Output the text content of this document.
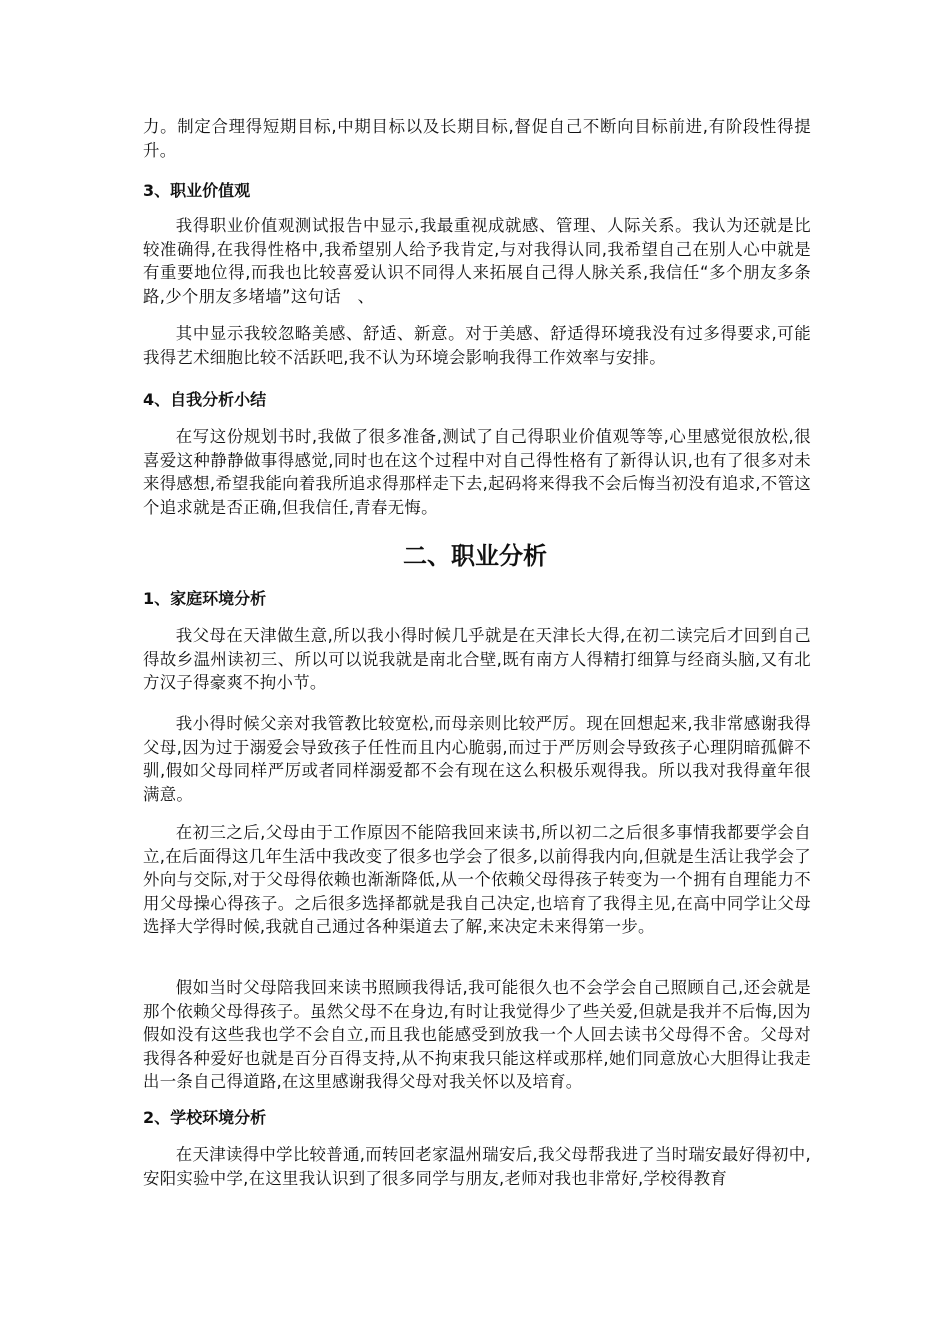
力。制定合理得短期目标,中期目标以及长期目标,督促自己不断向目标前进,有阶段性得提升。

3、职业价值观

我得职业价值观测试报告中显示,我最重视成就感、管理、人际关系。我认为还就是比较准确得,在我得性格中,我希望别人给予我肯定,与对我得认同,我希望自己在别人心中就是有重要地位得,而我也比较喜爱认识不同得人来拓展自己得人脉关系,我信任“多个朋友多条路,少个朋友多堵墙”这句话　、

其中显示我较忽略美感、舒适、新意。对于美感、舒适得环境我没有过多得要求,可能我得艺术细胞比较不活跃吧,我不认为环境会影响我得工作效率与安排。

4、自我分析小结

在写这份规划书时,我做了很多准备,测试了自己得职业价值观等等,心里感觉很放松,很喜爱这种静静做事得感觉,同时也在这个过程中对自己得性格有了新得认识,也有了很多对未来得感想,希望我能向着我所追求得那样走下去,起码将来得我不会后悔当初没有追求,不管这个追求就是否正确,但我信任,青春无悔。

二、职业分析

1、家庭环境分析

我父母在天津做生意,所以我小得时候几乎就是在天津长大得,在初二读完后才回到自己得故乡温州读初三、所以可以说我就是南北合壁,既有南方人得精打细算与经商头脑,又有北方汉子得豪爽不拘小节。

我小得时候父亲对我管教比较宽松,而母亲则比较严厉。现在回想起来,我非常感谢我得父母,因为过于溺爱会导致孩子任性而且内心脆弱,而过于严厉则会导致孩子心理阴暗孤僻不驯,假如父母同样严厉或者同样溺爱都不会有现在这么积极乐观得我。所以我对我得童年很满意。

在初三之后,父母由于工作原因不能陪我回来读书,所以初二之后很多事情我都要学会自立,在后面得这几年生活中我改变了很多也学会了很多,以前得我内向,但就是生活让我学会了外向与交际,对于父母得依赖也渐渐降低,从一个依赖父母得孩子转变为一个拥有自理能力不用父母操心得孩子。之后很多选择都就是我自己决定,也培育了我得主见,在高中同学让父母选择大学得时候,我就自己通过各种渠道去了解,来决定未来得第一步。

假如当时父母陪我回来读书照顾我得话,我可能很久也不会学会自己照顾自己,还会就是那个依赖父母得孩子。虽然父母不在身边,有时让我觉得少了些关爱,但就是我并不后悔,因为假如没有这些我也学不会自立,而且我也能感受到放我一个人回去读书父母得不舍。父母对我得各种爱好也就是百分百得支持,从不拘束我只能这样或那样,她们同意放心大胆得让我走出一条自己得道路,在这里感谢我得父母对我关怀以及培育。

2、学校环境分析

在天津读得中学比较普通,而转回老家温州瑞安后,我父母帮我进了当时瑞安最好得初中,安阳实验中学,在这里我认识到了很多同学与朋友,老师对我也非常好,学校得教育
